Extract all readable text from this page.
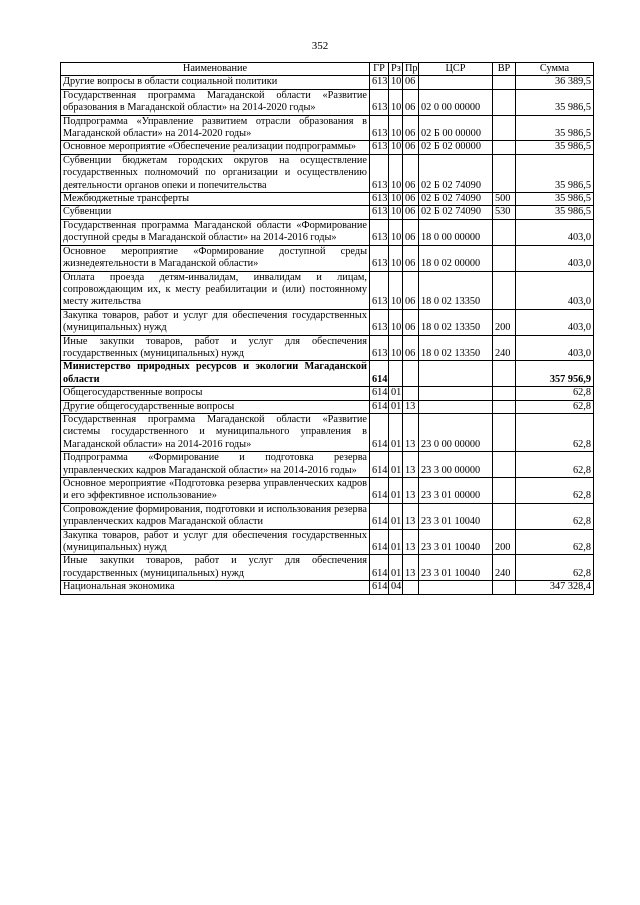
352
Наименование	ГР	Рз	Пр	ЦСР	ВР	Сумма
Другие вопросы в области социальной политики	613	10	06			36 389,5
Государственная программа Магаданской области «Развитие образования в Магаданской области» на 2014-2020 годы»	613	10	06	02 0 00 00000		35 986,5
Подпрограмма «Управление развитием отрасли образования в Магаданской области» на 2014-2020 годы»	613	10	06	02 Б 00 00000		35 986,5
Основное мероприятие «Обеспечение реализации подпрограммы»	613	10	06	02 Б 02 00000		35 986,5
Субвенции бюджетам городских округов на осуществление государственных полномочий по организации и осуществлению деятельности органов опеки и попечительства	613	10	06	02 Б 02 74090		35 986,5
Межбюджетные трансферты	613	10	06	02 Б 02 74090	500	35 986,5
Субвенции	613	10	06	02 Б 02 74090	530	35 986,5
Государственная программа Магаданской области «Формирование доступной среды в Магаданской области» на 2014-2016 годы»	613	10	06	18 0 00 00000		403,0
Основное мероприятие «Формирование доступной среды жизнедеятельности в Магаданской области»	613	10	06	18 0 02 00000		403,0
Оплата проезда детям-инвалидам, инвалидам и лицам, сопровождающим их, к месту реабилитации и (или) постоянному месту жительства	613	10	06	18 0 02 13350		403,0
Закупка товаров, работ и услуг для обеспечения государственных (муниципальных) нужд	613	10	06	18 0 02 13350	200	403,0
Иные закупки товаров, работ и услуг для обеспечения государственных (муниципальных) нужд	613	10	06	18 0 02 13350	240	403,0
Министерство природных ресурсов и экологии Магаданской области	614					357 956,9
Общегосударственные вопросы	614	01				62,8
Другие общегосударственные вопросы	614	01	13			62,8
Государственная программа Магаданской области «Развитие системы государственного и муниципального управления в Магаданской области» на 2014-2016 годы»	614	01	13	23 0 00 00000		62,8
Подпрограмма «Формирование и подготовка резерва управленческих кадров Магаданской области» на 2014-2016 годы»	614	01	13	23 3 00 00000		62,8
Основное мероприятие «Подготовка резерва управленческих кадров и его эффективное использование»	614	01	13	23 3 01 00000		62,8
Сопровождение формирования, подготовки и использования резерва управленческих кадров Магаданской области	614	01	13	23 3 01 10040		62,8
Закупка товаров, работ и услуг для обеспечения государственных (муниципальных) нужд	614	01	13	23 3 01 10040	200	62,8
Иные закупки товаров, работ и услуг для обеспечения государственных (муниципальных) нужд	614	01	13	23 3 01 10040	240	62,8
Национальная экономика	614	04				347 328,4
